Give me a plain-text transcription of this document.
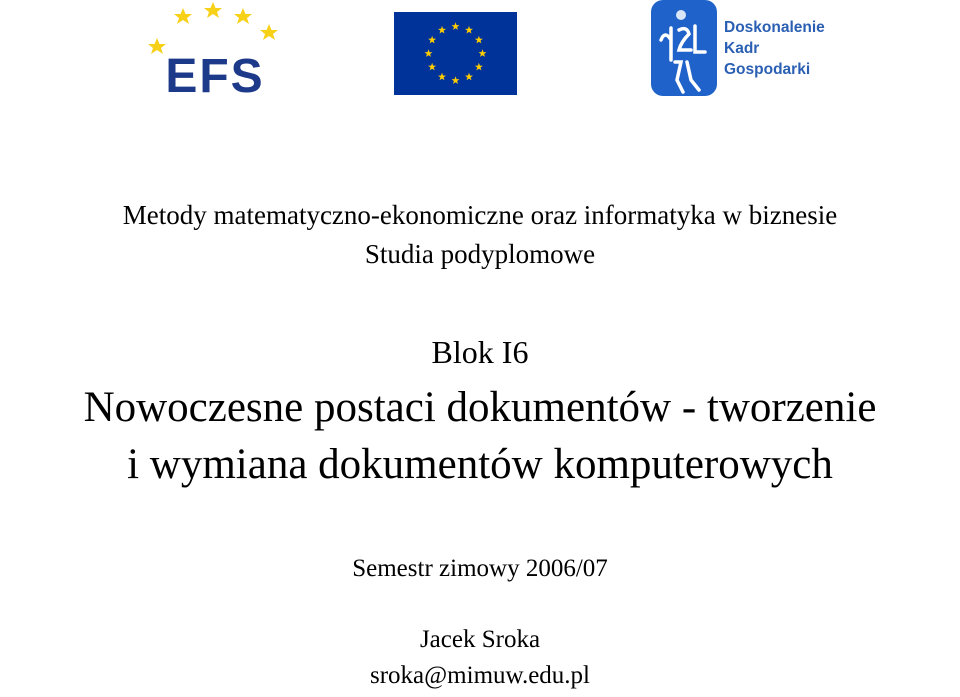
EFS
Doskonalenie
Kadr
Gospodarki
Metody matematyczno-ekonomiczne oraz informatyka w biznesie
Studia podyplomowe
Blok I6
Nowoczesne postaci dokumentów - tworzenie
i wymiana dokumentów komputerowych
Semestr zimowy 2006/07
Jacek Sroka
sroka@mimuw.edu.pl
